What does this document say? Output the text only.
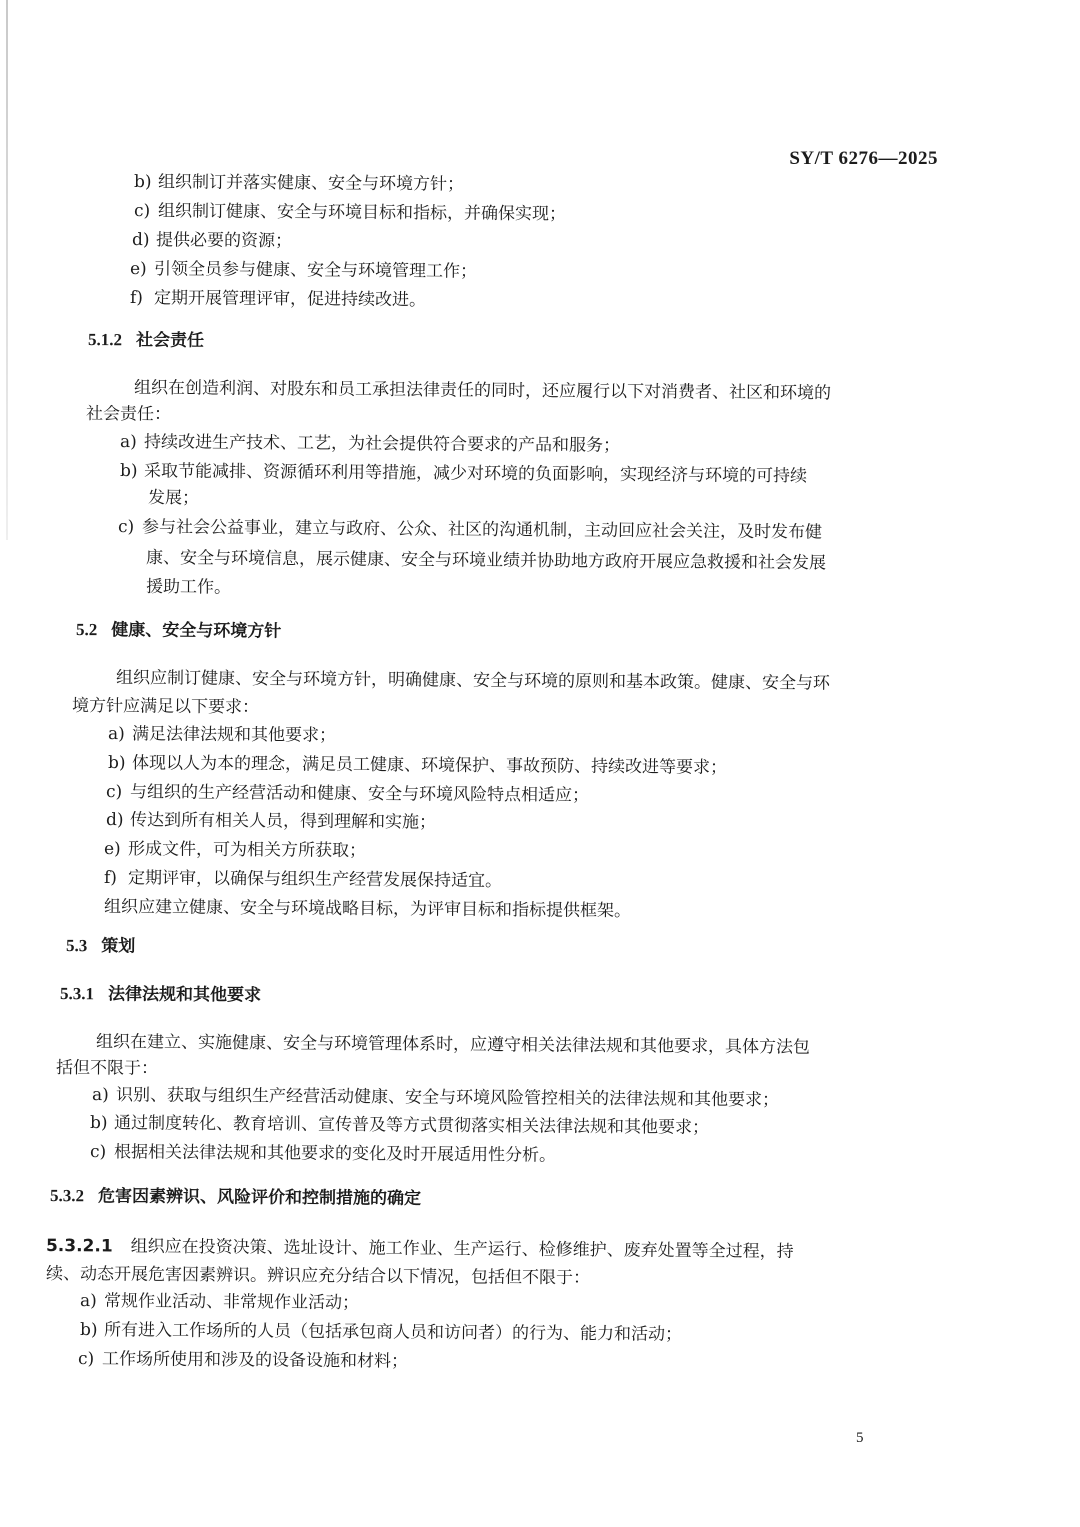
SY/T 6276—2025
b) 组织制订并落实健康、安全与环境方针；
c) 组织制订健康、安全与环境目标和指标，并确保实现；
d) 提供必要的资源；
e) 引领全员参与健康、安全与环境管理工作；
f) 定期开展管理评审，促进持续改进。
5.1.2 社会责任
组织在创造利润、对股东和员工承担法律责任的同时，还应履行以下对消费者、社区和环境的
社会责任：
a) 持续改进生产技术、工艺，为社会提供符合要求的产品和服务；
b) 采取节能减排、资源循环利用等措施，减少对环境的负面影响，实现经济与环境的可持续
发展；
c) 参与社会公益事业，建立与政府、公众、社区的沟通机制，主动回应社会关注，及时发布健
康、安全与环境信息，展示健康、安全与环境业绩并协助地方政府开展应急救援和社会发展
援助工作。
5.2 健康、安全与环境方针
组织应制订健康、安全与环境方针，明确健康、安全与环境的原则和基本政策。健康、安全与环
境方针应满足以下要求：
a) 满足法律法规和其他要求；
b) 体现以人为本的理念，满足员工健康、环境保护、事故预防、持续改进等要求；
c) 与组织的生产经营活动和健康、安全与环境风险特点相适应；
d) 传达到所有相关人员，得到理解和实施；
e) 形成文件，可为相关方所获取；
f) 定期评审，以确保与组织生产经营发展保持适宜。
组织应建立健康、安全与环境战略目标，为评审目标和指标提供框架。
5.3 策划
5.3.1 法律法规和其他要求
组织在建立、实施健康、安全与环境管理体系时，应遵守相关法律法规和其他要求，具体方法包
括但不限于：
a) 识别、获取与组织生产经营活动健康、安全与环境风险管控相关的法律法规和其他要求；
b) 通过制度转化、教育培训、宣传普及等方式贯彻落实相关法律法规和其他要求；
c) 根据相关法律法规和其他要求的变化及时开展适用性分析。
5.3.2 危害因素辨识、风险评价和控制措施的确定
5.3.2.1 组织应在投资决策、选址设计、施工作业、生产运行、检修维护、废弃处置等全过程，持
续、动态开展危害因素辨识。辨识应充分结合以下情况，包括但不限于：
a) 常规作业活动、非常规作业活动；
b) 所有进入工作场所的人员（包括承包商人员和访问者）的行为、能力和活动；
c) 工作场所使用和涉及的设备设施和材料；
5
